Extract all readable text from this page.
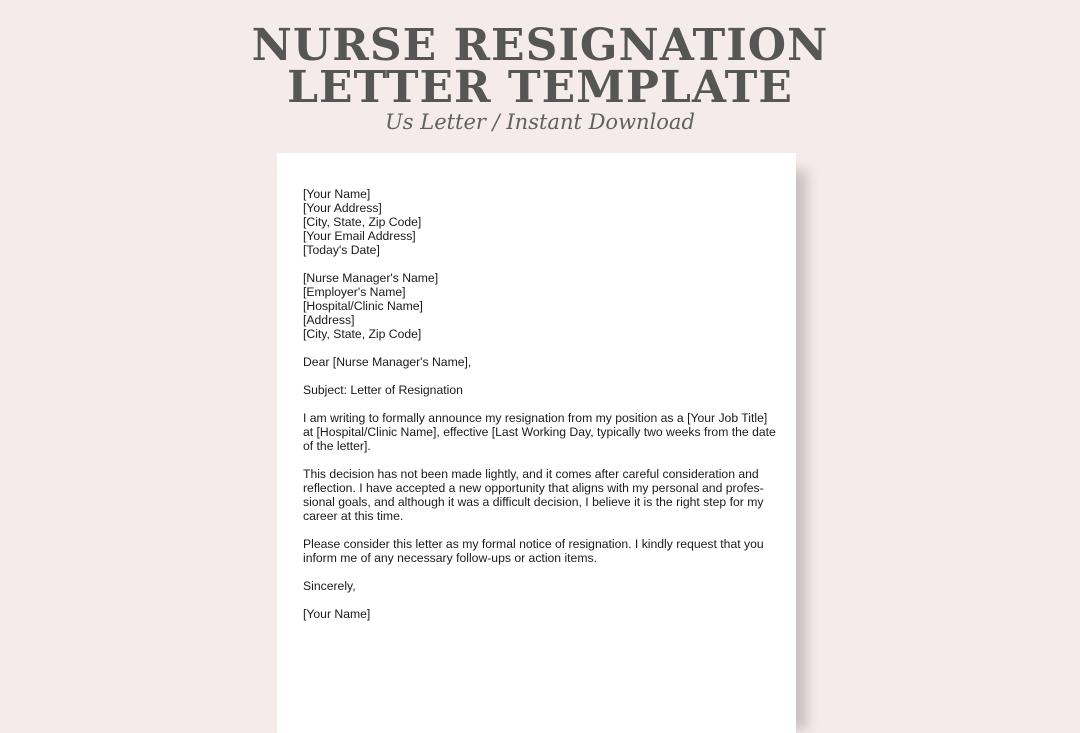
NURSE RESIGNATION
LETTER TEMPLATE
Us Letter / Instant Download
[Your Name]
[Your Address]
[City, State, Zip Code]
[Your Email Address]
[Today's Date]
[Nurse Manager's Name]
[Employer's Name]
[Hospital/Clinic Name]
[Address]
[City, State, Zip Code]
Dear [Nurse Manager's Name],
Subject: Letter of Resignation
I am writing to formally announce my resignation from my position as a [Your Job Title]
at [Hospital/Clinic Name], effective [Last Working Day, typically two weeks from the date
of the letter].
This decision has not been made lightly, and it comes after careful consideration and
reflection. I have accepted a new opportunity that aligns with my personal and profes-
sional goals, and although it was a difficult decision, I believe it is the right step for my
career at this time.
Please consider this letter as my formal notice of resignation. I kindly request that you
inform me of any necessary follow-ups or action items.
Sincerely,
[Your Name]
